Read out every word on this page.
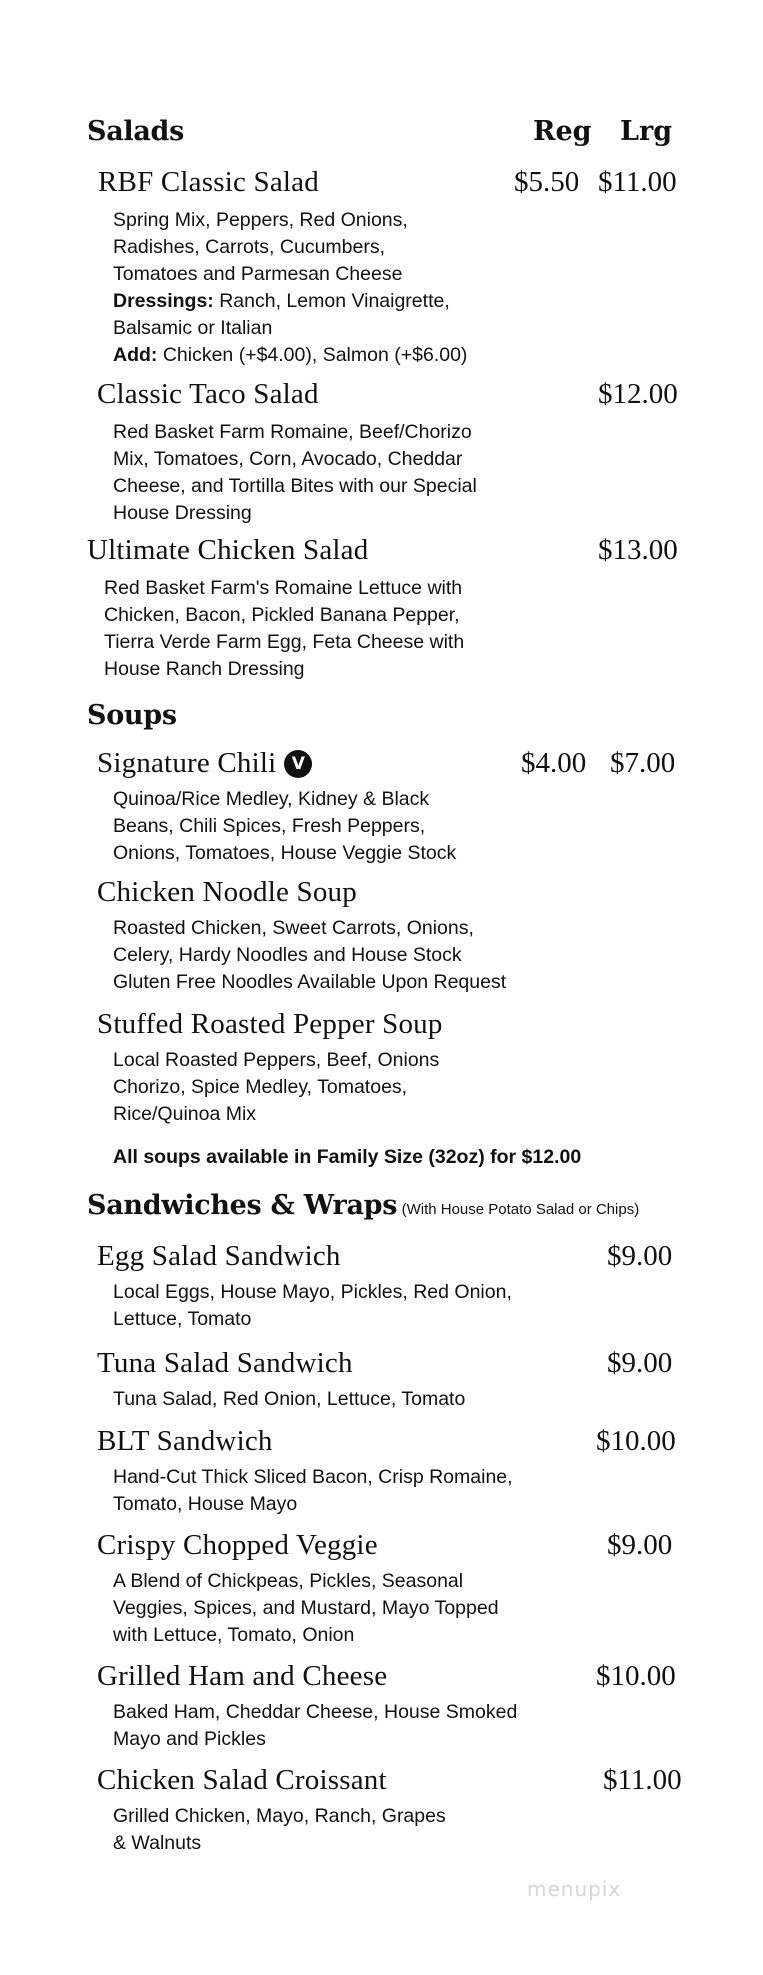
Salads	Reg Lrg
RBF Classic Salad	$5.50 $11.00
Spring Mix, Peppers, Red Onions,
Radishes, Carrots, Cucumbers,
Tomatoes and Parmesan Cheese
Dressings: Ranch, Lemon Vinaigrette,
Balsamic or Italian
Add: Chicken (+$4.00), Salmon (+$6.00)
Classic Taco Salad	$12.00
Red Basket Farm Romaine, Beef/Chorizo
Mix, Tomatoes, Corn, Avocado, Cheddar
Cheese, and Tortilla Bites with our Special
House Dressing
Ultimate Chicken Salad	$13.00
Red Basket Farm's Romaine Lettuce with
Chicken, Bacon, Pickled Banana Pepper,
Tierra Verde Farm Egg, Feta Cheese with
House Ranch Dressing
Soups
Signature Chili V	$4.00 $7.00
Quinoa/Rice Medley, Kidney & Black
Beans, Chili Spices, Fresh Peppers,
Onions, Tomatoes, House Veggie Stock
Chicken Noodle Soup
Roasted Chicken, Sweet Carrots, Onions,
Celery, Hardy Noodles and House Stock
Gluten Free Noodles Available Upon Request
Stuffed Roasted Pepper Soup
Local Roasted Peppers, Beef, Onions
Chorizo, Spice Medley, Tomatoes,
Rice/Quinoa Mix
All soups available in Family Size (32oz) for $12.00
Sandwiches & Wraps (With House Potato Salad or Chips)
Egg Salad Sandwich	$9.00
Local Eggs, House Mayo, Pickles, Red Onion,
Lettuce, Tomato
Tuna Salad Sandwich	$9.00
Tuna Salad, Red Onion, Lettuce, Tomato
BLT Sandwich	$10.00
Hand-Cut Thick Sliced Bacon, Crisp Romaine,
Tomato, House Mayo
Crispy Chopped Veggie	$9.00
A Blend of Chickpeas, Pickles, Seasonal
Veggies, Spices, and Mustard, Mayo Topped
with Lettuce, Tomato, Onion
Grilled Ham and Cheese	$10.00
Baked Ham, Cheddar Cheese, House Smoked
Mayo and Pickles
Chicken Salad Croissant	$11.00
Grilled Chicken, Mayo, Ranch, Grapes
& Walnuts
menupix
